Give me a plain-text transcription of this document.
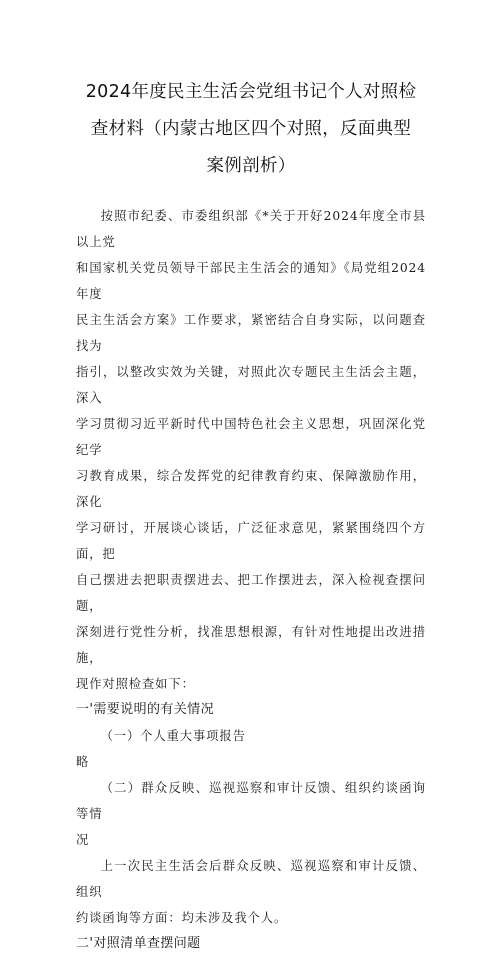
2024年度民主生活会党组书记个人对照检
查材料（内蒙古地区四个对照，反面典型
案例剖析）

按照市纪委、市委组织部《*关于开好2024年度全市县以上党
和国家机关党员领导干部民主生活会的通知》《局党组2024年度
民主生活会方案》工作要求，紧密结合自身实际，以问题查找为
指引，以整改实效为关键，对照此次专题民主生活会主题，深入
学习贯彻习近平新时代中国特色社会主义思想，巩固深化党纪学
习教育成果，综合发挥党的纪律教育约束、保障激励作用，深化
学习研讨，开展谈心谈话，广泛征求意见，紧紧围绕四个方面，把
自己摆进去把职责摆进去、把工作摆进去，深入检视查摆问题，
深刻进行党性分析，找准思想根源，有针对性地提出改进措施，
现作对照检查如下：

一'需要说明的有关情况

（一）个人重大事项报告

略

（二）群众反映、巡视巡察和审计反馈、组织约谈函询等情
况

上一次民主生活会后群众反映、巡视巡察和审计反馈、组织
约谈函询等方面：均未涉及我个人。

二'对照清单查摆问题
